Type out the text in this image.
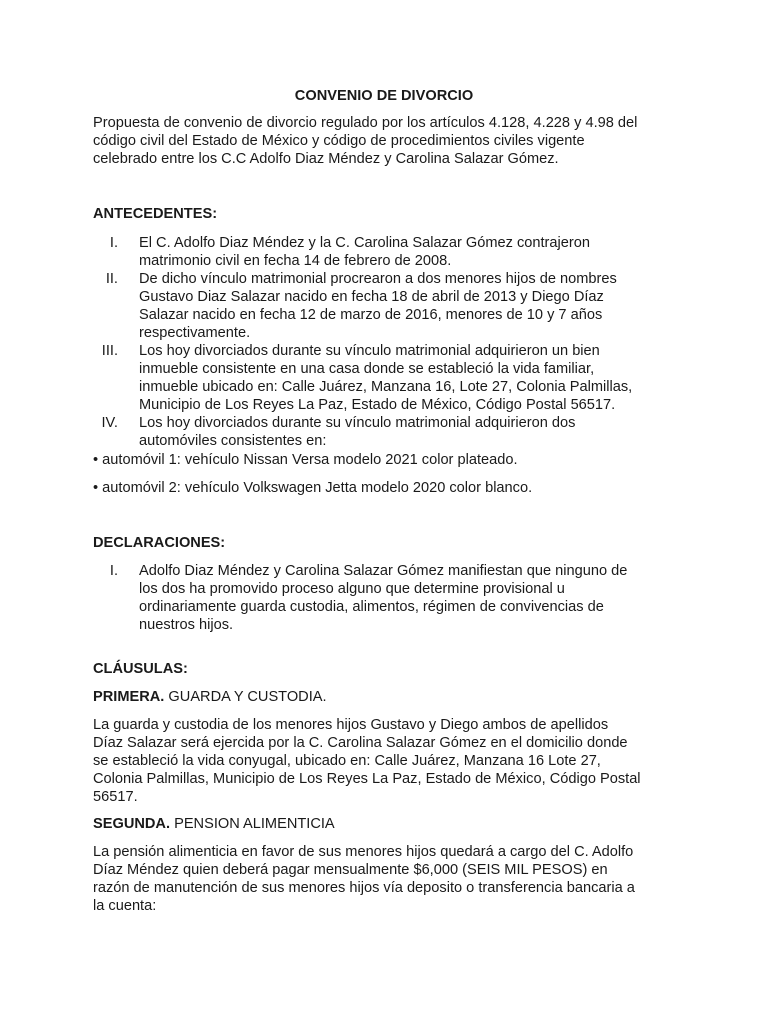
CONVENIO DE DIVORCIO
Propuesta de convenio de divorcio regulado por los artículos 4.128, 4.228 y 4.98 del
código civil del Estado de México y código de procedimientos civiles vigente
celebrado entre los C.C Adolfo Diaz Méndez y Carolina Salazar Gómez.
ANTECEDENTES:
I. El C. Adolfo Diaz Méndez y la C. Carolina Salazar Gómez contrajeron
matrimonio civil en fecha 14 de febrero de 2008.
II. De dicho vínculo matrimonial procrearon a dos menores hijos de nombres
Gustavo Diaz Salazar nacido en fecha 18 de abril de 2013 y Diego Díaz
Salazar nacido en fecha 12 de marzo de 2016, menores de 10 y 7 años
respectivamente.
III. Los hoy divorciados durante su vínculo matrimonial adquirieron un bien
inmueble consistente en una casa donde se estableció la vida familiar,
inmueble ubicado en: Calle Juárez, Manzana 16, Lote 27, Colonia Palmillas,
Municipio de Los Reyes La Paz, Estado de México, Código Postal 56517.
IV. Los hoy divorciados durante su vínculo matrimonial adquirieron dos
automóviles consistentes en:
• automóvil 1: vehículo Nissan Versa modelo 2021 color plateado.
• automóvil 2: vehículo Volkswagen Jetta modelo 2020 color blanco.
DECLARACIONES:
I. Adolfo Diaz Méndez y Carolina Salazar Gómez manifiestan que ninguno de
los dos ha promovido proceso alguno que determine provisional u
ordinariamente guarda custodia, alimentos, régimen de convivencias de
nuestros hijos.
CLÁUSULAS:
PRIMERA. GUARDA Y CUSTODIA.
La guarda y custodia de los menores hijos Gustavo y Diego ambos de apellidos
Díaz Salazar será ejercida por la C. Carolina Salazar Gómez en el domicilio donde
se estableció la vida conyugal, ubicado en: Calle Juárez, Manzana 16 Lote 27,
Colonia Palmillas, Municipio de Los Reyes La Paz, Estado de México, Código Postal
56517.
SEGUNDA. PENSION ALIMENTICIA
La pensión alimenticia en favor de sus menores hijos quedará a cargo del C. Adolfo
Díaz Méndez quien deberá pagar mensualmente $6,000 (SEIS MIL PESOS) en
razón de manutención de sus menores hijos vía deposito o transferencia bancaria a
la cuenta:
